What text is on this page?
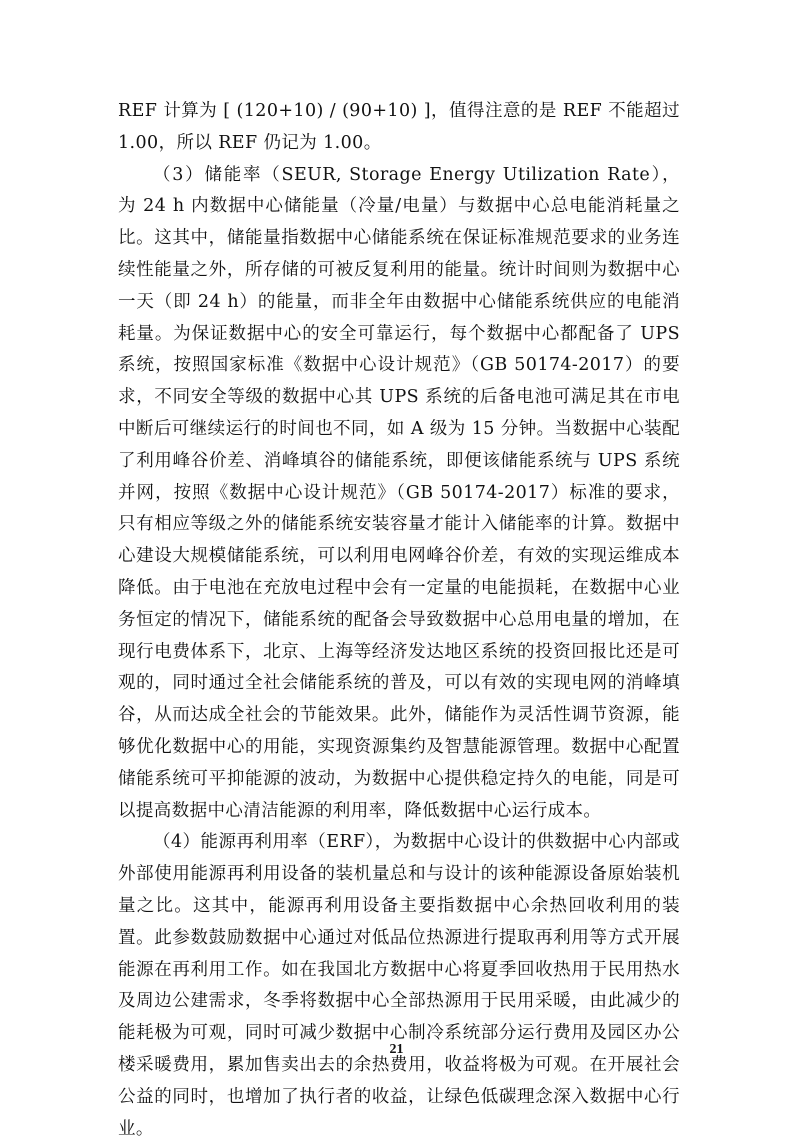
REF 计算为 [ (120+10) / (90+10) ]，值得注意的是 REF 不能超过 1.00，所以 REF 仍记为 1.00。

（3）储能率（SEUR, Storage Energy Utilization Rate），为 24 h 内数据中心储能量（冷量/电量）与数据中心总电能消耗量之比。这其中，储能量指数据中心储能系统在保证标准规范要求的业务连续性能量之外，所存储的可被反复利用的能量。统计时间则为数据中心一天（即 24 h）的能量，而非全年由数据中心储能系统供应的电能消耗量。为保证数据中心的安全可靠运行，每个数据中心都配备了 UPS 系统，按照国家标准《数据中心设计规范》（GB 50174-2017）的要求，不同安全等级的数据中心其 UPS 系统的后备电池可满足其在市电中断后可继续运行的时间也不同，如 A 级为 15 分钟。当数据中心装配了利用峰谷价差、消峰填谷的储能系统，即便该储能系统与 UPS 系统并网，按照《数据中心设计规范》（GB 50174-2017）标准的要求，只有相应等级之外的储能系统安装容量才能计入储能率的计算。数据中心建设大规模储能系统，可以利用电网峰谷价差，有效的实现运维成本降低。由于电池在充放电过程中会有一定量的电能损耗，在数据中心业务恒定的情况下，储能系统的配备会导致数据中心总用电量的增加，在现行电费体系下，北京、上海等经济发达地区系统的投资回报比还是可观的，同时通过全社会储能系统的普及，可以有效的实现电网的消峰填谷，从而达成全社会的节能效果。此外，储能作为灵活性调节资源，能够优化数据中心的用能，实现资源集约及智慧能源管理。数据中心配置储能系统可平抑能源的波动，为数据中心提供稳定持久的电能，同是可以提高数据中心清洁能源的利用率，降低数据中心运行成本。

（4）能源再利用率（ERF），为数据中心设计的供数据中心内部或外部使用能源再利用设备的装机量总和与设计的该种能源设备原始装机量之比。这其中，能源再利用设备主要指数据中心余热回收利用的装置。此参数鼓励数据中心通过对低品位热源进行提取再利用等方式开展能源在再利用工作。如在我国北方数据中心将夏季回收热用于民用热水及周边公建需求，冬季将数据中心全部热源用于民用采暖，由此减少的能耗极为可观，同时可减少数据中心制冷系统部分运行费用及园区办公楼采暖费用，累加售卖出去的余热费用，收益将极为可观。在开展社会公益的同时，也增加了执行者的收益，让绿色低碳理念深入数据中心行业。

21
